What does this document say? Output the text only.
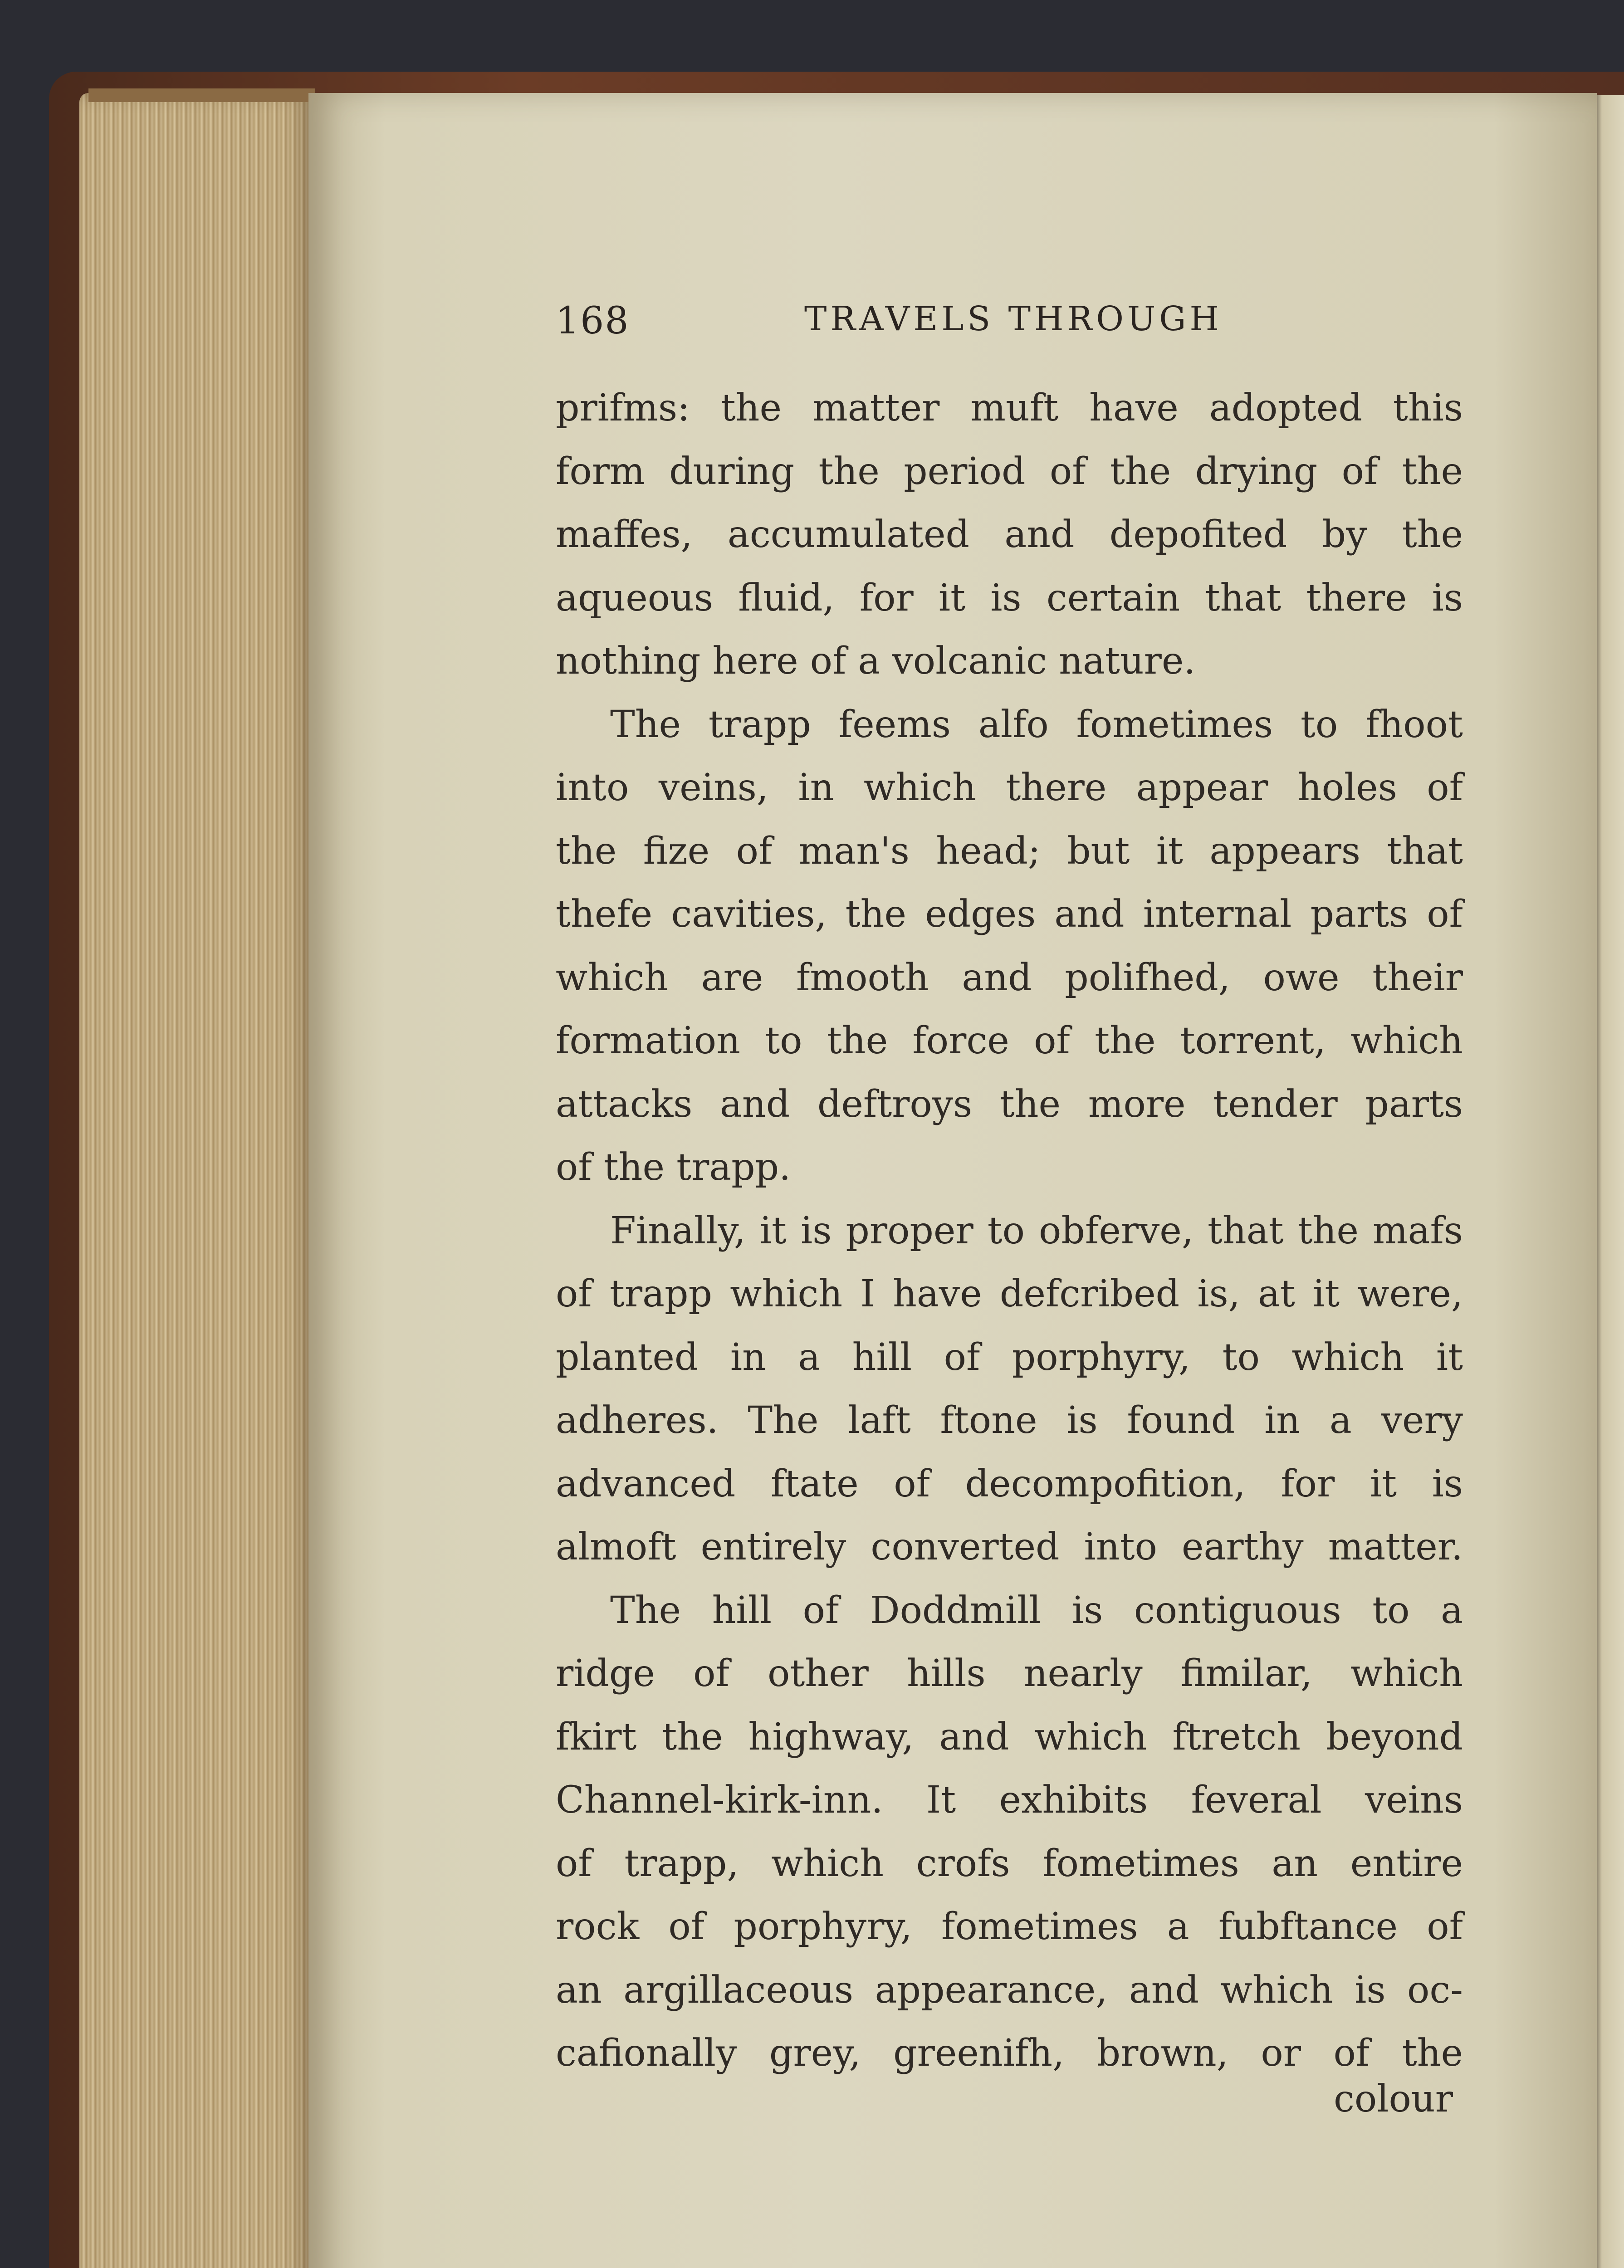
168	TRAVELS THROUGH
prifms: the matter muft have adopted this
form during the period of the drying of the
maffes, accumulated and depofited by the
aqueous fluid, for it is certain that there is
nothing here of a volcanic nature.
The trapp feems alfo fometimes to fhoot
into veins, in which there appear holes of
the fize of man's head; but it appears that
thefe cavities, the edges and internal parts of
which are fmooth and polifhed, owe their
formation to the force of the torrent, which
attacks and deftroys the more tender parts
of the trapp.
Finally, it is proper to obferve, that the mafs
of trapp which I have defcribed is, at it were,
planted in a hill of porphyry, to which it
adheres. The laft ftone is found in a very
advanced ftate of decompofition, for it is
almoft entirely converted into earthy matter.
The hill of Doddmill is contiguous to a
ridge of other hills nearly fimilar, which
fkirt the highway, and which ftretch beyond
Channel-kirk-inn. It exhibits feveral veins
of trapp, which crofs fometimes an entire
rock of porphyry, fometimes a fubftance of
an argillaceous appearance, and which is oc-
cafionally grey, greenifh, brown, or of the
colour
